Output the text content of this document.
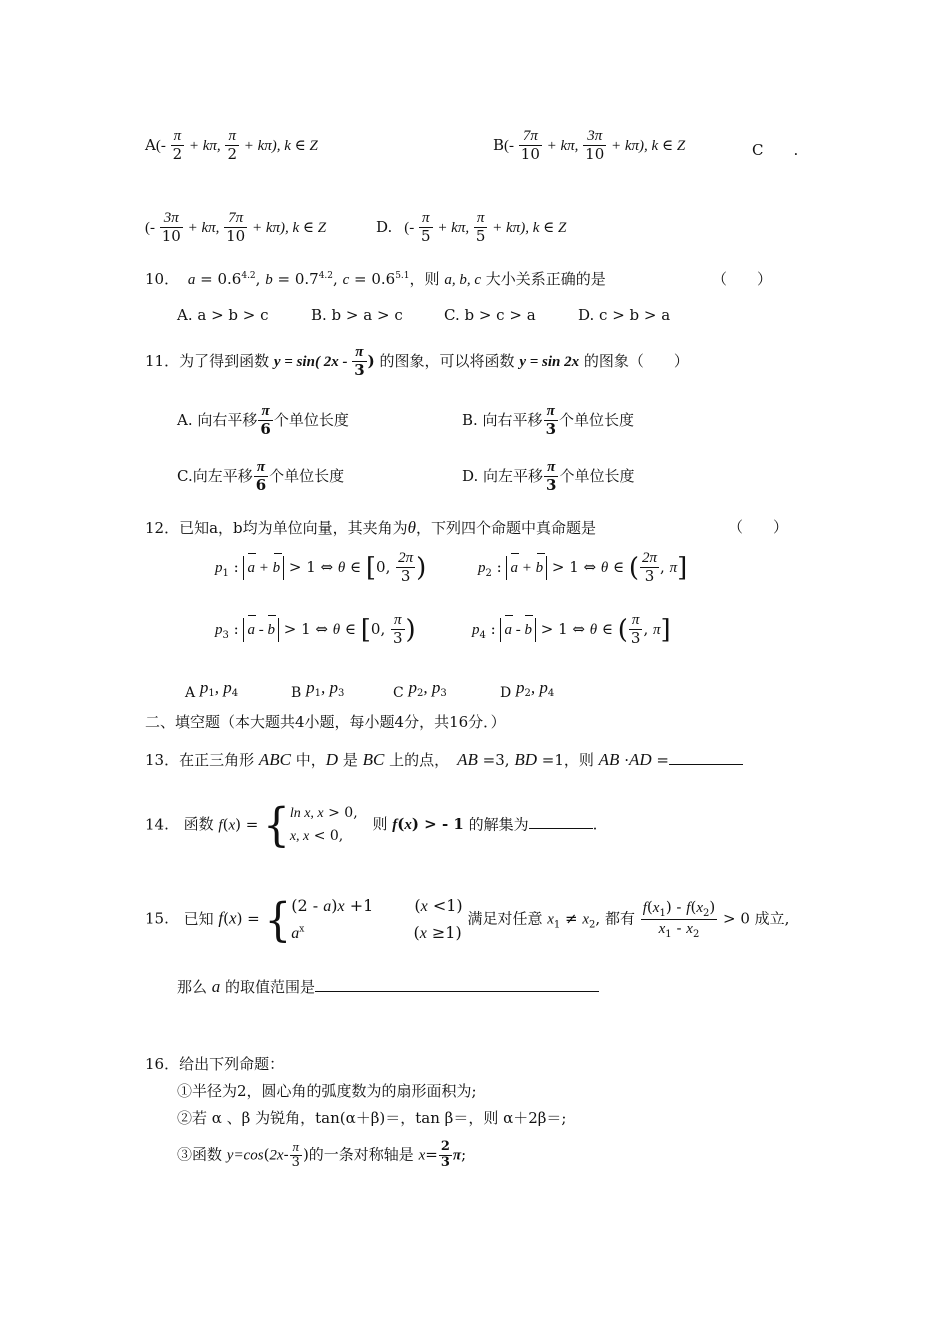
$A(- \frac{\pi}{2} + k\pi$, $\frac{\pi}{2} + k\pi$), k ∈ Z	$B(- \frac{7\pi}{10} + k\pi$, $\frac{3\pi}{10} + k\pi$), k ∈ Z	C .
(- $\frac{3\pi}{10} + k\pi$, $\frac{7\pi}{10} + k\pi$), k ∈ Z	D. (- $\frac{\pi}{5} + k\pi$, $\frac{\pi}{5} + k\pi$), k ∈ Z
10． $a = 0.6^{4.2}$, $b = 0.7^{4.2}$, $c = 0.6^{5.1}$，则 a, b, c 大小关系正确的是	（　　）
A. a > b > c	B. b > a > c	C. b > c > a	D. c > b > a
11．为了得到函数 y = sin( $2x - \frac{\pi}{3}$ ) 的图象，可以将函数 y = sin 2x 的图象（　　）
A. 向右平移 $\frac{\pi}{6}$ 个单位长度	B. 向右平移 $\frac{\pi}{3}$ 个单位长度
C.向左平移 $\frac{\pi}{6}$ 个单位长度	D. 向左平移 $\frac{\pi}{3}$ 个单位长度
12．已知a，b均为单位向量，其夹角为θ，下列四个命题中真命题是	（　　）
$p_1$ : a + b > 1 ⇔ θ ∈ [0, $\frac{2\pi}{3}$ )	$p_2$ : a + b > 1 ⇔ θ ∈ ( $\frac{2\pi}{3}$ , π]
$p_3$ : a - b > 1 ⇔ θ ∈ [0, $\frac{\pi}{3}$ )	$p_4$ : a - b > 1 ⇔ θ ∈ ( $\frac{\pi}{3}$ , π]
A p1, p4	B p1, p3	C p2, p3	D p2, p4
二、填空题（本大题共4小题，每小题4分，共16分．）
13．在正三角形 ABC 中，D 是 BC 上的点， AB =3, BD =1，则 AB ·AD =
14. 函数 f(x) = {ln x, x > 0,
x, x < 0, 则 f(x) > - 1 的解集为	.
15. 已知 f(x) = {(2 - a)x +1 (x <1)
$a^x$	(x ≥1) 满足对任意 $x_1 \ne x_2$, 都有 $\frac{f(x_1) - f(x_2)}{x_1 - x_2} > 0$ 成立,
那么 a 的取值范围是
16．给出下列命题：
①半径为2，圆心角的弧度数为的扇形面积为;
②若 α 、β 为锐角，tan(α＋β)＝，tan β＝，则 α＋2β＝;
③函数 $y=\cos(2x- \frac{\pi}{3}$ )的一条对称轴是 $x= \frac{2}{3} \pi$;
